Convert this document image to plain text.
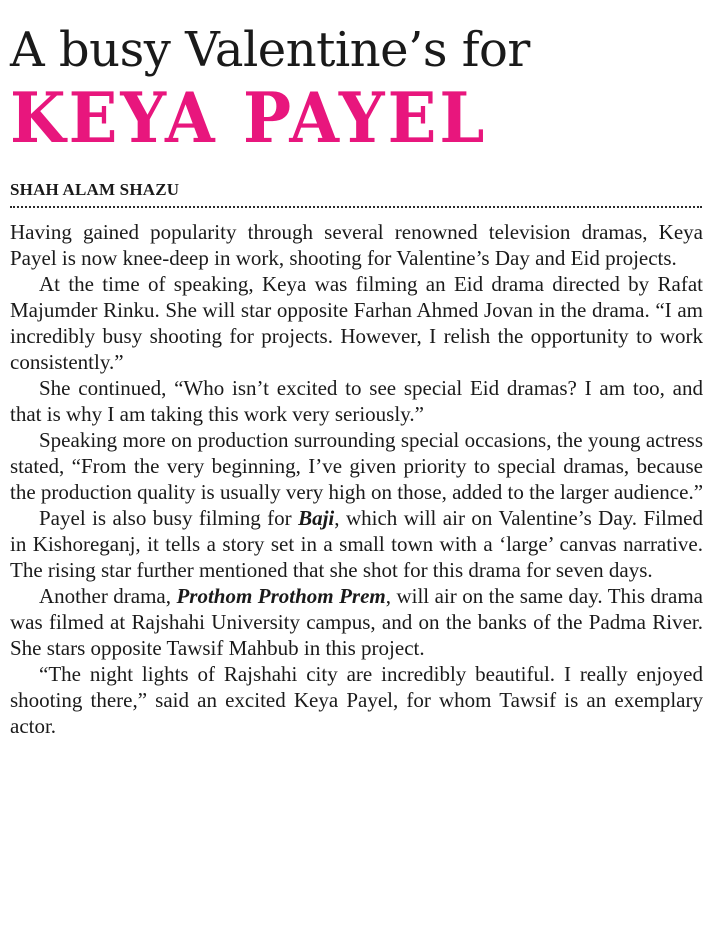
A busy Valentine’s for
KEYA PAYEL
SHAH ALAM SHAZU

Having gained popularity through several renowned television dramas, Keya Payel is now knee-deep in work, shooting for Valentine’s Day and Eid projects.

At the time of speaking, Keya was filming an Eid drama directed by Rafat Majumder Rinku. She will star opposite Farhan Ahmed Jovan in the drama. “I am incredibly busy shooting for projects. However, I relish the opportunity to work consistently.”

She continued, “Who isn’t excited to see special Eid dramas? I am too, and that is why I am taking this work very seriously.”

Speaking more on production surrounding special occasions, the young actress stated, “From the very beginning, I’ve given priority to special dramas, because the production quality is usually very high on those, added to the larger audience.”

Payel is also busy filming for Baji, which will air on Valentine’s Day. Filmed in Kishoreganj, it tells a story set in a small town with a ‘large’ canvas narrative. The rising star further mentioned that she shot for this drama for seven days.

Another drama, Prothom Prothom Prem, will air on the same day. This drama was filmed at Rajshahi University campus, and on the banks of the Padma River. She stars opposite Tawsif Mahbub in this project.

“The night lights of Rajshahi city are incredibly beautiful. I really enjoyed shooting there,” said an excited Keya Payel, for whom Tawsif is an exemplary actor.
